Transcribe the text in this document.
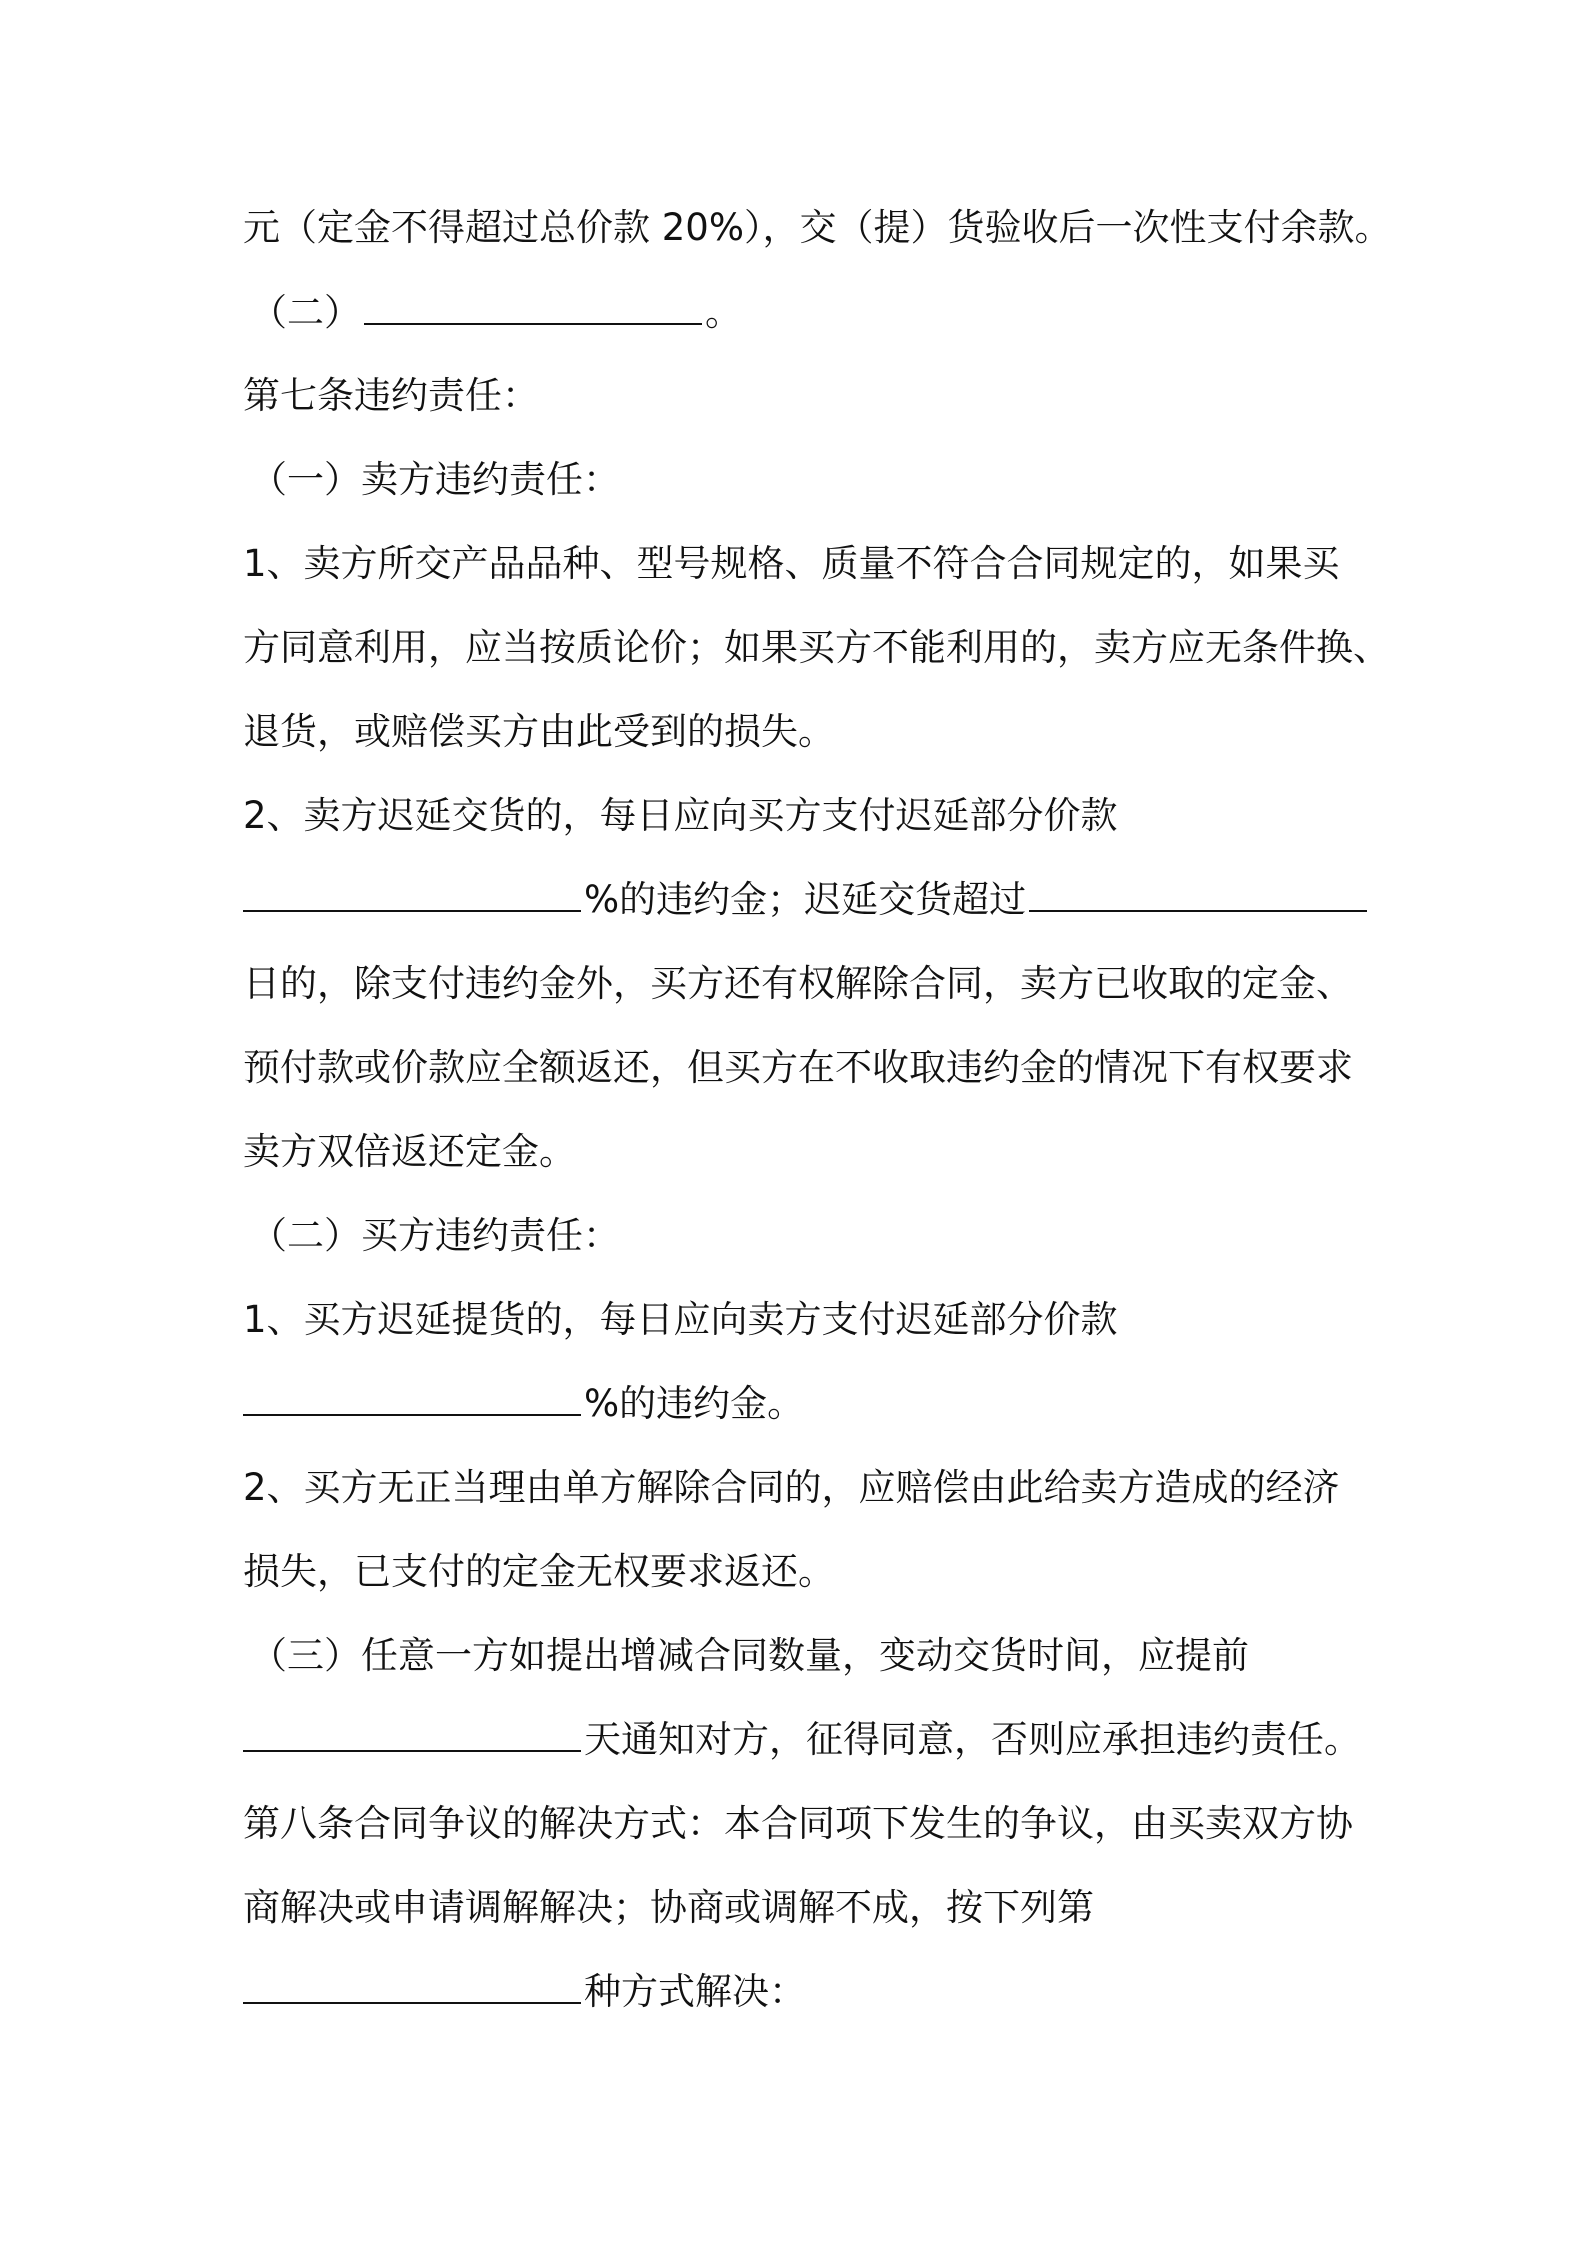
元（定金不得超过总价款 20%），交（提）货验收后一次性支付余款。
（二）	。
第七条违约责任：
（一）卖方违约责任：
1、卖方所交产品品种、型号规格、质量不符合合同规定的，如果买
方同意利用，应当按质论价；如果买方不能利用的，卖方应无条件换、
退货，或赔偿买方由此受到的损失。
2、卖方迟延交货的，每日应向买方支付迟延部分价款
%的违约金；迟延交货超过
日的，除支付违约金外，买方还有权解除合同，卖方已收取的定金、
预付款或价款应全额返还，但买方在不收取违约金的情况下有权要求
卖方双倍返还定金。
（二）买方违约责任：
1、买方迟延提货的，每日应向卖方支付迟延部分价款
%的违约金。
2、买方无正当理由单方解除合同的，应赔偿由此给卖方造成的经济
损失，已支付的定金无权要求返还。
（三）任意一方如提出增减合同数量，变动交货时间，应提前
天通知对方，征得同意，否则应承担违约责任。
第八条合同争议的解决方式：本合同项下发生的争议，由买卖双方协
商解决或申请调解解决；协商或调解不成，按下列第
种方式解决：
